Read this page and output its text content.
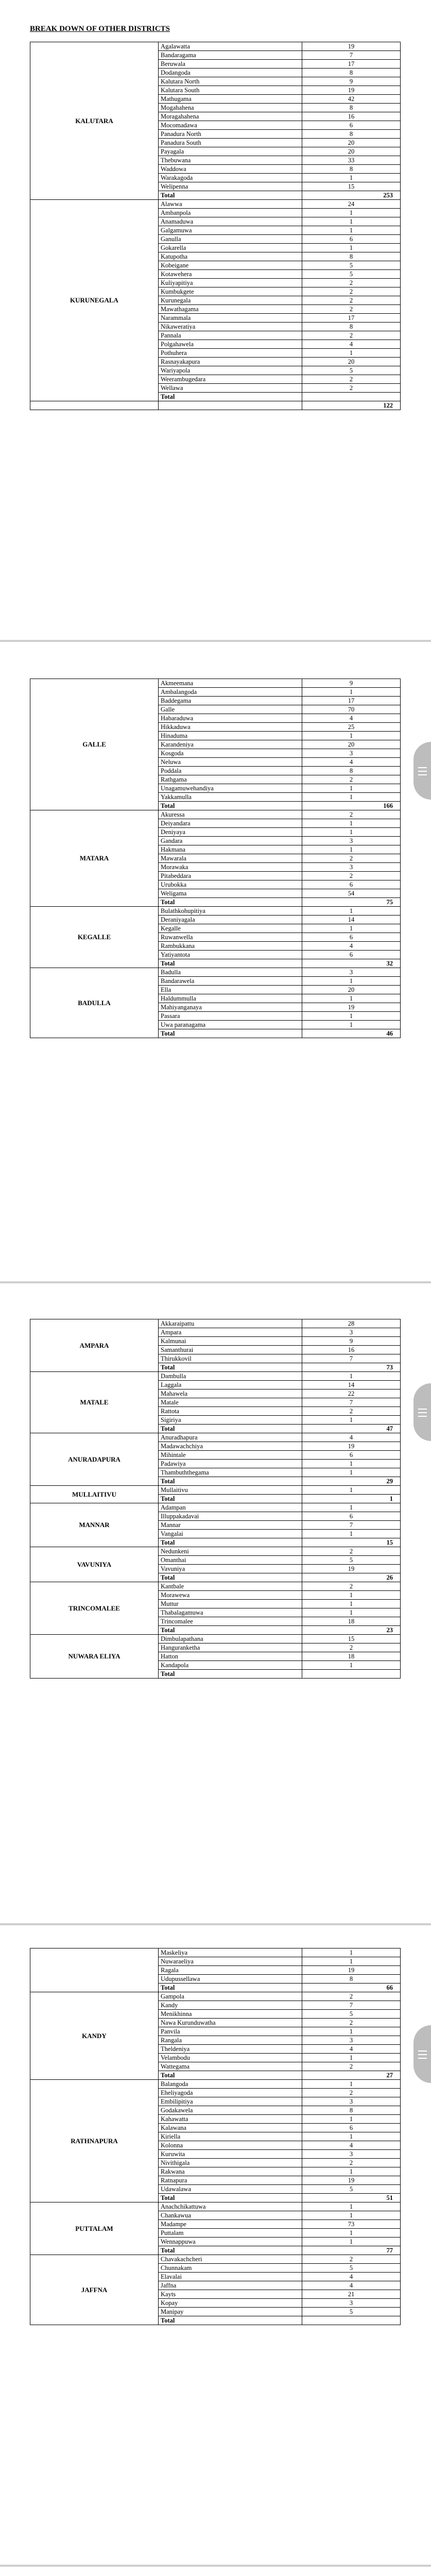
BREAK DOWN OF OTHER DISTRICTS
KALUTARA	Agalawatta	19
	Bandaragama	7
	Beruwala	17
	Dodangoda	8
	Kalutara North	9
	Kalutara South	19
	Mathugama	42
	Mogahahena	8
	Moragahahena	16
	Mocomadawa	6
	Panadura North	8
	Panadura South	20
	Payagala	20
	Thebuwana	33
	Waddowa	8
	Warakagoda	1
	Welipenna	15
	Total	253
KURUNEGALA	Alawwa	24
	Ambanpola	1
	Anamaduwa	1
	Galgamuwa	1
	Ganulla	6
	Gokarella	1
	Katupotha	8
	Kobeigane	5
	Kotawehera	5
	Kuliyapitiya	2
	Kumbukgete	2
	Kurunegala	2
	Mawathagama	2
	Narammala	17
	Nikaweratiya	8
	Pannala	2
	Polgahawela	4
	Pothuhera	1
	Rasnayakapura	20
	Wariyapola	5
	Weerambugedara	2
	Wellawa	2
	Total	
		122
GALLE	Akmeemana	9
	Ambalangoda	1
	Baddegama	17
	Galle	70
	Habaraduwa	4
	Hikkaduwa	25
	Hinaduma	1
	Karandeniya	20
	Kosgoda	3
	Neluwa	4
	Poddala	8
	Rathgama	2
	Unagamuwehandiya	1
	Yakkamulla	1
	Total	166
MATARA	Akuressa	2
	Deiyandara	1
	Deniyaya	1
	Gandara	3
	Hakmana	1
	Mawarala	2
	Morawaka	3
	Pitabeddara	2
	Urubokka	6
	Weligama	54
	Total	75
KEGALLE	Bulathkohupitiya	1
	Deraniyagala	14
	Kegalle	1
	Ruwanwella	6
	Rambukkana	4
	Yatiyantota	6
	Total	32
BADULLA	Badulla	3
	Bandarawela	1
	Ella	20
	Haldummulla	1
	Mahiyanganaya	19
	Passara	1
	Uwa paranagama	1
	Total	46
AMPARA	Akkaraipattu	28
	Ampara	3
	Kalmunai	9
	Samanthurai	16
	Thirukkovil	7
	Total	73
MATALE	Dambulla	1
	Laggala	14
	Mahawela	22
	Matale	7
	Rattota	2
	Sigiriya	1
	Total	47
ANURADAPURA	Anuradhapura	4
	Madawachchiya	19
	Mihintale	6
	Padawiya	1
	Thambuththegama	1
	Total	29
MULLAITIVU	Mullaitivu	1
	Total	1
MANNAR	Adampan	1
	Illuppakadavai	6
	Mannar	7
	Vangalai	1
	Total	15
VAVUNIYA	Nedunkeni	2
	Omanthai	5
	Vavuniya	19
	Total	26
TRINCOMALEE	Kantbale	2
	Morawewa	1
	Muttur	1
	Thabalagamuwa	1
	Trincomalee	18
	Total	23
NUWARA ELIYA	Dimbulapathana	15
	Hanguranketha	2
	Hatton	18
	Kandapola	1
	Total	
	Maskeliya	1
	Nuwaraeliya	1
	Ragala	19
	Udupussellawa	8
	Total	66
KANDY	Gampola	2
	Kandy	7
	Menikhinna	5
	Nawa Kurunduwatha	2
	Panvila	1
	Rangala	3
	Theldeniya	4
	Velambodu	1
	Wattegama	2
	Total	27
RATHNAPURA	Balangoda	1
	Eheliyagoda	2
	Embilipitiya	3
	Godakawela	8
	Kahawatta	1
	Kalawana	6
	Kiriella	1
	Kolonna	4
	Kuruwita	3
	Nivithigala	2
	Rakwana	1
	Ratnapura	19
	Udawalawa	5
	Total	51
PUTTALAM	Anachchikattuwa	1
	Chankawua	1
	Madampe	73
	Puttalam	1
	Wennappuwa	1
	Total	77
JAFFNA	Chavakachcheri	2
	Chunnakam	5
	Elavalai	4
	Jaffna	4
	Kayts	21
	Kopay	3
	Manipay	5
	Total	
